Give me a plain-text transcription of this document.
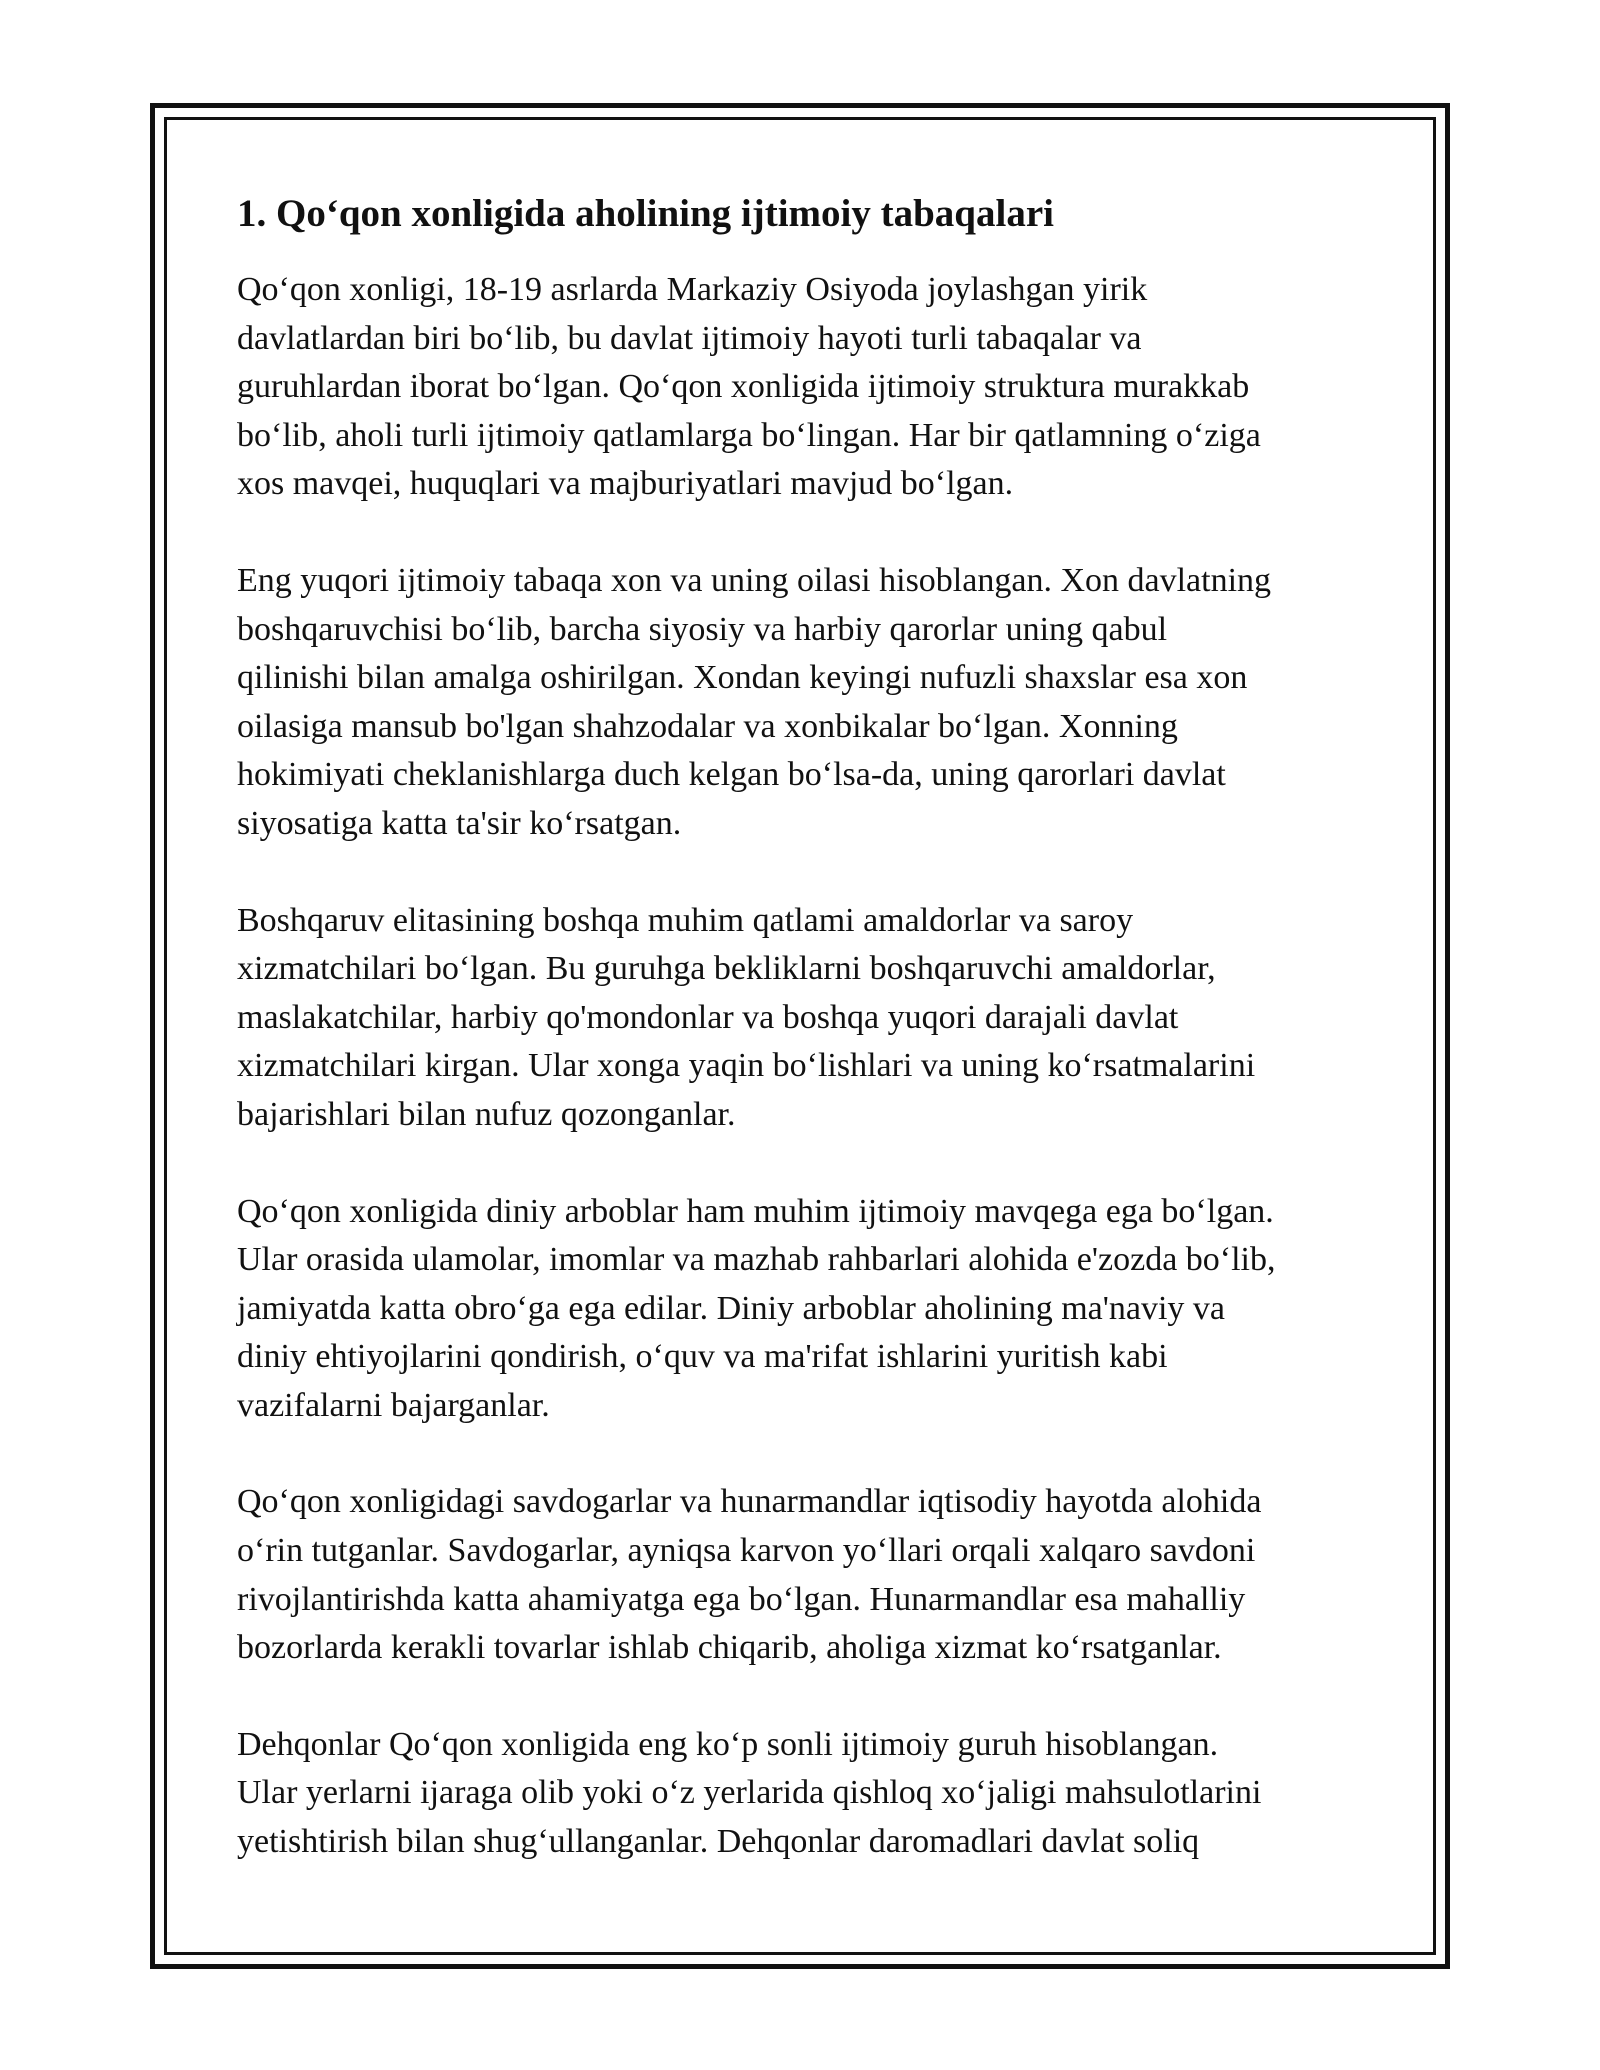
1. Qo‘qon xonligida aholining ijtimoiy tabaqalari

Qo‘qon xonligi, 18-19 asrlarda Markaziy Osiyoda joylashgan yirik
davlatlardan biri bo‘lib, bu davlat ijtimoiy hayoti turli tabaqalar va
guruhlardan iborat bo‘lgan. Qo‘qon xonligida ijtimoiy struktura murakkab
bo‘lib, aholi turli ijtimoiy qatlamlarga bo‘lingan. Har bir qatlamning o‘ziga
xos mavqei, huquqlari va majburiyatlari mavjud bo‘lgan.

Eng yuqori ijtimoiy tabaqa xon va uning oilasi hisoblangan. Xon davlatning
boshqaruvchisi bo‘lib, barcha siyosiy va harbiy qarorlar uning qabul
qilinishi bilan amalga oshirilgan. Xondan keyingi nufuzli shaxslar esa xon
oilasiga mansub bo'lgan shahzodalar va xonbikalar bo‘lgan. Xonning
hokimiyati cheklanishlarga duch kelgan bo‘lsa-da, uning qarorlari davlat
siyosatiga katta ta'sir ko‘rsatgan.

Boshqaruv elitasining boshqa muhim qatlami amaldorlar va saroy
xizmatchilari bo‘lgan. Bu guruhga bekliklarni boshqaruvchi amaldorlar,
maslakatchilar, harbiy qo'mondonlar va boshqa yuqori darajali davlat
xizmatchilari kirgan. Ular xonga yaqin bo‘lishlari va uning ko‘rsatmalarini
bajarishlari bilan nufuz qozonganlar.

Qo‘qon xonligida diniy arboblar ham muhim ijtimoiy mavqega ega bo‘lgan.
Ular orasida ulamolar, imomlar va mazhab rahbarlari alohida e'zozda bo‘lib,
jamiyatda katta obro‘ga ega edilar. Diniy arboblar aholining ma'naviy va
diniy ehtiyojlarini qondirish, o‘quv va ma'rifat ishlarini yuritish kabi
vazifalarni bajarganlar.

Qo‘qon xonligidagi savdogarlar va hunarmandlar iqtisodiy hayotda alohida
o‘rin tutganlar. Savdogarlar, ayniqsa karvon yo‘llari orqali xalqaro savdoni
rivojlantirishda katta ahamiyatga ega bo‘lgan. Hunarmandlar esa mahalliy
bozorlarda kerakli tovarlar ishlab chiqarib, aholiga xizmat ko‘rsatganlar.

Dehqonlar Qo‘qon xonligida eng ko‘p sonli ijtimoiy guruh hisoblangan.
Ular yerlarni ijaraga olib yoki o‘z yerlarida qishloq xo‘jaligi mahsulotlarini
yetishtirish bilan shug‘ullanganlar. Dehqonlar daromadlari davlat soliq
